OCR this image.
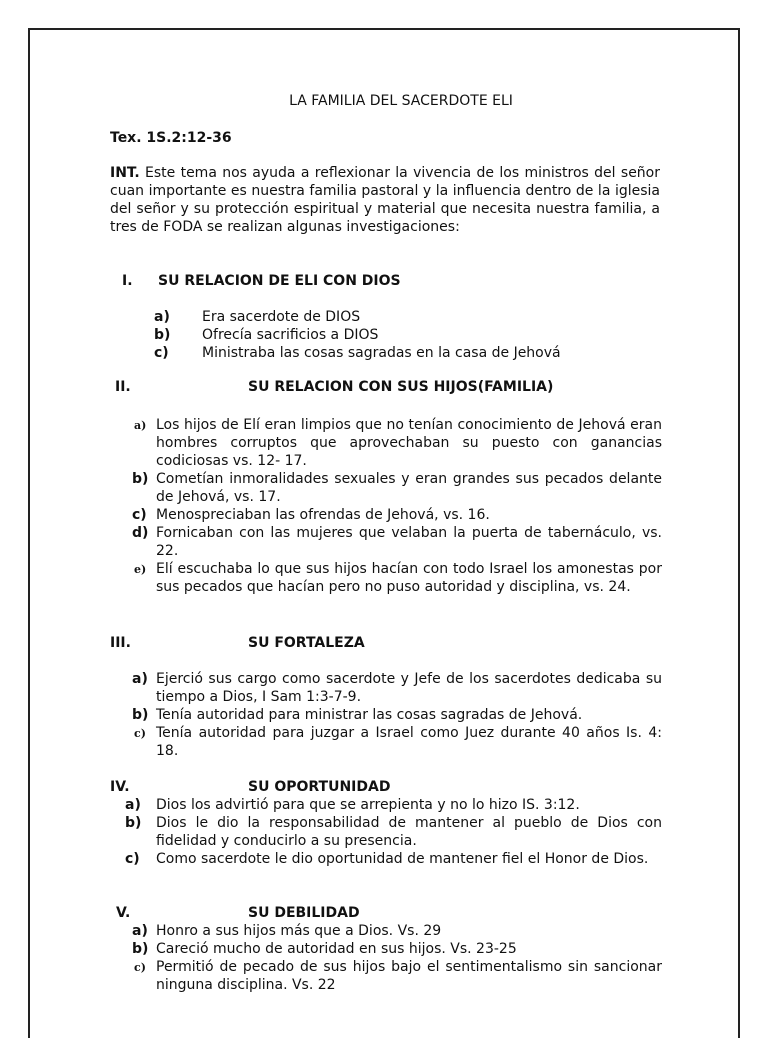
LA FAMILIA DEL SACERDOTE ELI
Tex. 1S.2:12-36
INT. Este tema nos ayuda a reflexionar la vivencia de los ministros del señor cuan importante es nuestra familia pastoral y la influencia dentro de la iglesia del señor y su protección espiritual y material que necesita nuestra familia, a tres de FODA se realizan algunas investigaciones:
I. SU RELACION DE ELI CON DIOS
a) Era sacerdote de DIOS
b) Ofrecía sacrificios a DIOS
c) Ministraba las cosas sagradas en la casa de Jehová
II.	SU RELACION CON SUS HIJOS(FAMILIA)
a) Los hijos de Elí eran limpios que no tenían conocimiento de Jehová eran hombres corruptos que aprovechaban su puesto con ganancias codiciosas vs. 12- 17.
b) Cometían inmoralidades sexuales y eran grandes sus pecados delante de Jehová, vs. 17.
c) Menospreciaban las ofrendas de Jehová, vs. 16.
d) Fornicaban con las mujeres que velaban la puerta de tabernáculo, vs. 22.
e) Elí escuchaba lo que sus hijos hacían con todo Israel los amonestas por sus pecados que hacían pero no puso autoridad y disciplina, vs. 24.
III.	SU FORTALEZA
a) Ejerció sus cargo como sacerdote y Jefe de los sacerdotes dedicaba su tiempo a Dios, I Sam 1:3-7-9.
b) Tenía autoridad para ministrar las cosas sagradas de Jehová.
c) Tenía autoridad para juzgar a Israel como Juez durante 40 años Is. 4: 18.
IV.	SU OPORTUNIDAD
a) Dios los advirtió para que se arrepienta y no lo hizo IS. 3:12.
b) Dios le dio la responsabilidad de mantener al pueblo de Dios con fidelidad y conducirlo a su presencia.
c) Como sacerdote le dio oportunidad de mantener fiel el Honor de Dios.
V.	SU DEBILIDAD
a) Honro a sus hijos más que a Dios. Vs. 29
b) Careció mucho de autoridad en sus hijos. Vs. 23-25
c) Permitió de pecado de sus hijos bajo el sentimentalismo sin sancionar ninguna disciplina. Vs. 22
